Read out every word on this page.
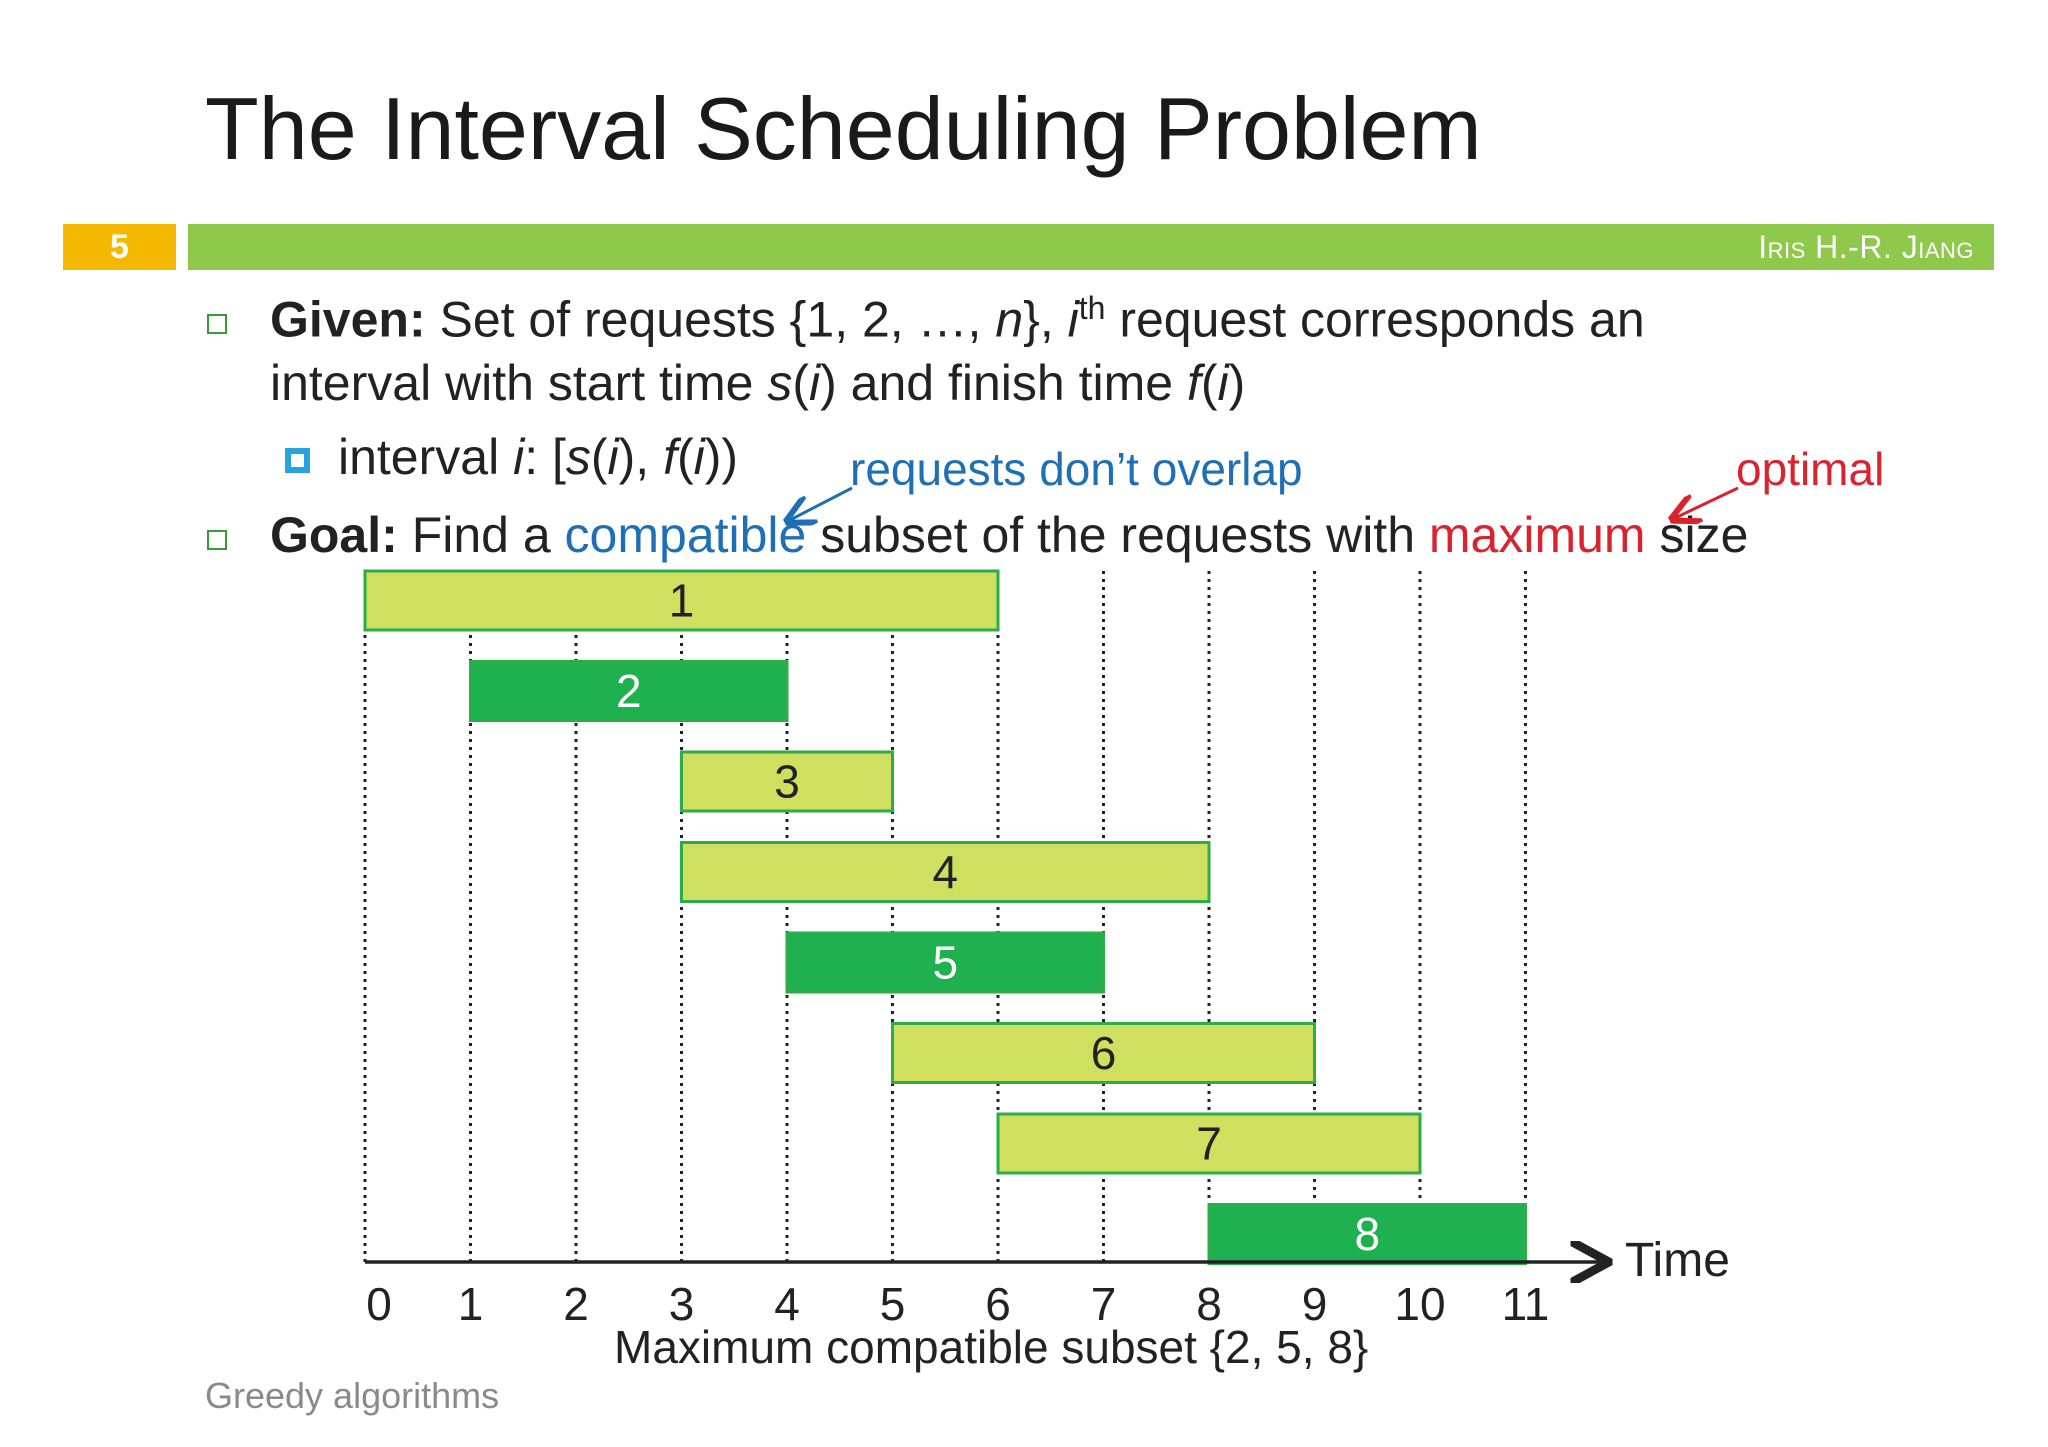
The Interval Scheduling Problem
5	Iris H.-R. Jiang
Given: Set of requests {1, 2, …, n}, $i^{th}$ request corresponds an
interval with start time s(i) and finish time f(i)
interval i: [s(i), f(i)) requests don’t overlap	optimal
Goal: Find a compatible subset of the requests with maximum size
1
2
3
4
5
6
7
8
0 1 2 3 4 5 6 7 8 9 10 11
Time
Maximum compatible subset {2, 5, 8}
Greedy algorithms
